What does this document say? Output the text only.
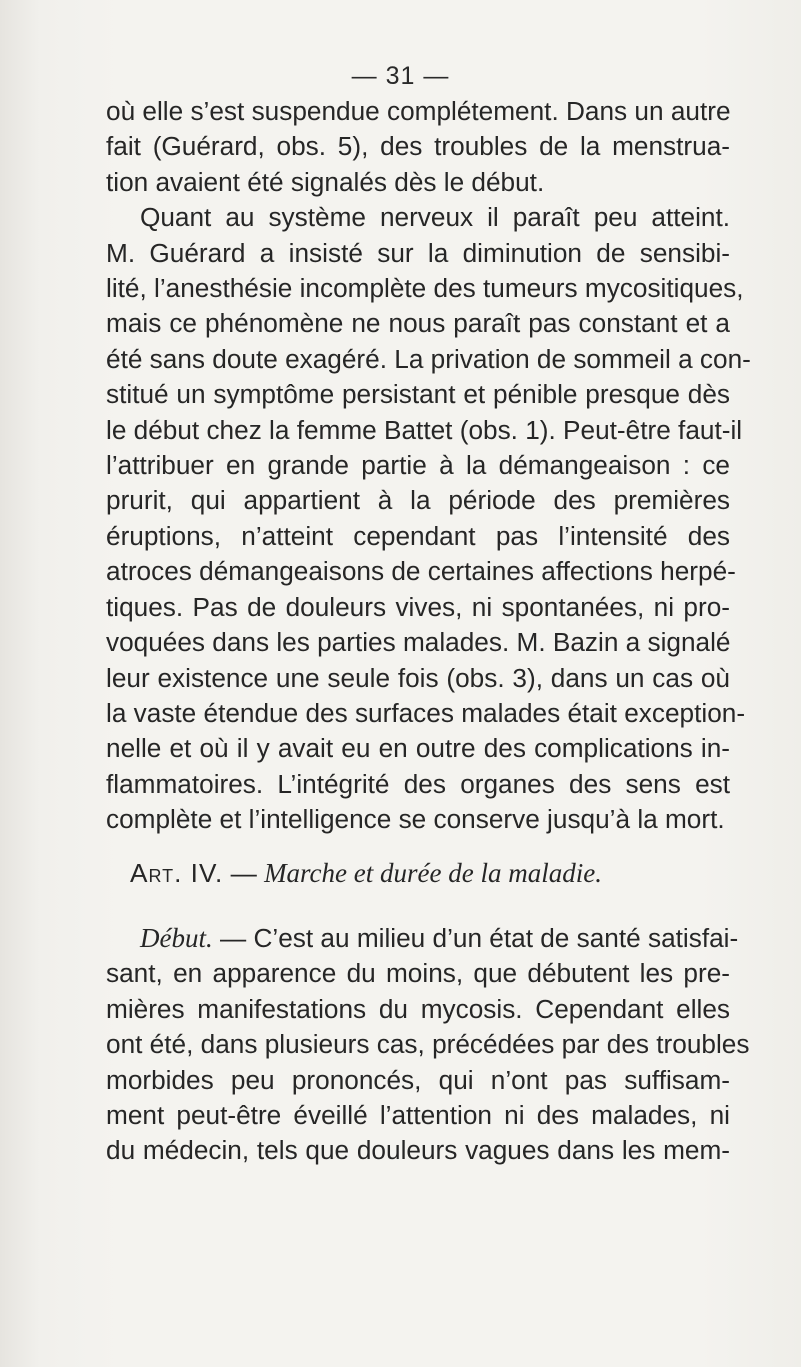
— 31 —
où elle s’est suspendue complétement. Dans un autre
fait (Guérard, obs. 5), des troubles de la menstrua-
tion avaient été signalés dès le début.
Quant au système nerveux il paraît peu atteint.
M. Guérard a insisté sur la diminution de sensibi-
lité, l’anesthésie incomplète des tumeurs mycositiques,
mais ce phénomène ne nous paraît pas constant et a
été sans doute exagéré. La privation de sommeil a con-
stitué un symptôme persistant et pénible presque dès
le début chez la femme Battet (obs. 1). Peut-être faut-il
l’attribuer en grande partie à la démangeaison : ce
prurit, qui appartient à la période des premières
éruptions, n’atteint cependant pas l’intensité des
atroces démangeaisons de certaines affections herpé-
tiques. Pas de douleurs vives, ni spontanées, ni pro-
voquées dans les parties malades. M. Bazin a signalé
leur existence une seule fois (obs. 3), dans un cas où
la vaste étendue des surfaces malades était exception-
nelle et où il y avait eu en outre des complications in-
flammatoires. L’intégrité des organes des sens est
complète et l’intelligence se conserve jusqu’à la mort.
Art. IV. — Marche et durée de la maladie.
Début. — C’est au milieu d’un état de santé satisfai-
sant, en apparence du moins, que débutent les pre-
mières manifestations du mycosis. Cependant elles
ont été, dans plusieurs cas, précédées par des troubles
morbides peu prononcés, qui n’ont pas suffisam-
ment peut-être éveillé l’attention ni des malades, ni
du médecin, tels que douleurs vagues dans les mem-
